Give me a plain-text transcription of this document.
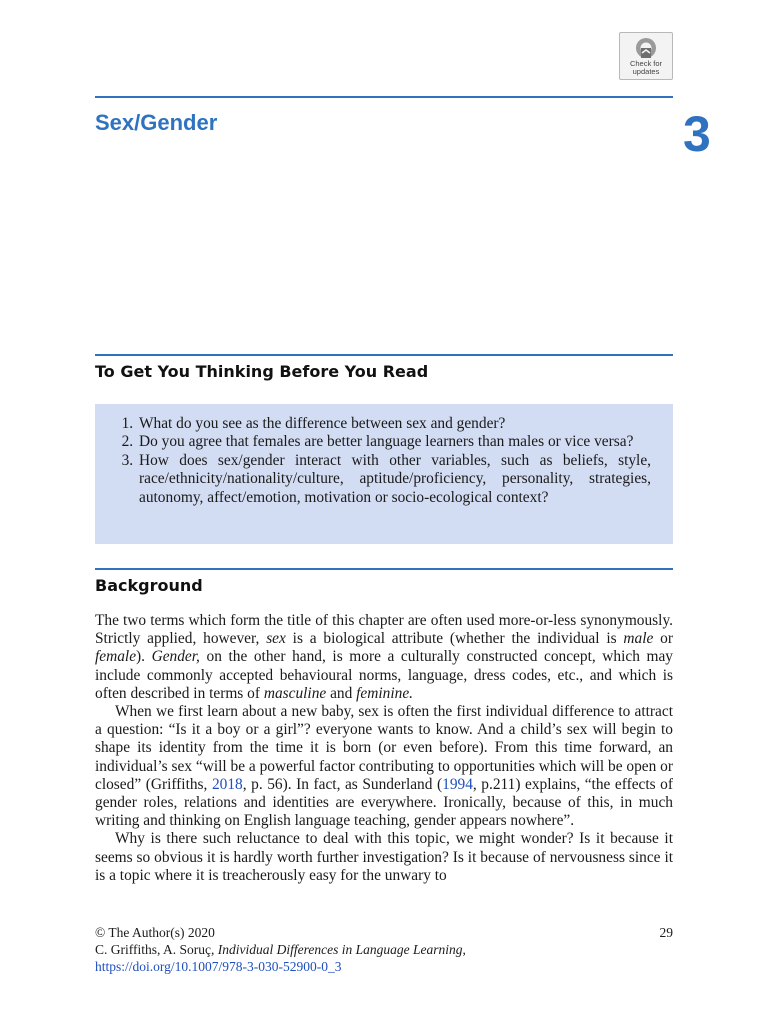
Check for
updates
Sex/Gender	3
To Get You Thinking Before You Read
1. What do you see as the difference between sex and gender?
2. Do you agree that females are better language learners than males or vice versa?
3. How does sex/gender interact with other variables, such as beliefs, style, race/ethnicity/nationality/culture, aptitude/proficiency, personality, strategies, autonomy, affect/emotion, motivation or socio-ecological context?
Background

The two terms which form the title of this chapter are often used more-or-less synonymously. Strictly applied, however, sex is a biological attribute (whether the individual is male or female). Gender, on the other hand, is more a culturally constructed concept, which may include commonly accepted behavioural norms, language, dress codes, etc., and which is often described in terms of masculine and feminine.

When we first learn about a new baby, sex is often the first individual difference to attract a question: “Is it a boy or a girl”? everyone wants to know. And a child’s sex will begin to shape its identity from the time it is born (or even before). From this time forward, an individual’s sex “will be a powerful factor contributing to opportunities which will be open or closed” (Griffiths, 2018, p. 56). In fact, as Sunderland (1994, p.211) explains, “the effects of gender roles, relations and identities are everywhere. Ironically, because of this, in much writing and thinking on English language teaching, gender appears nowhere”.

Why is there such reluctance to deal with this topic, we might wonder? Is it because it seems so obvious it is hardly worth further investigation? Is it because of nervousness since it is a topic where it is treacherously easy for the unwary to

© The Author(s) 2020
C. Griffiths, A. Soruç, Individual Differences in Language Learning,
https://doi.org/10.1007/978-3-030-52900-0_3
29
